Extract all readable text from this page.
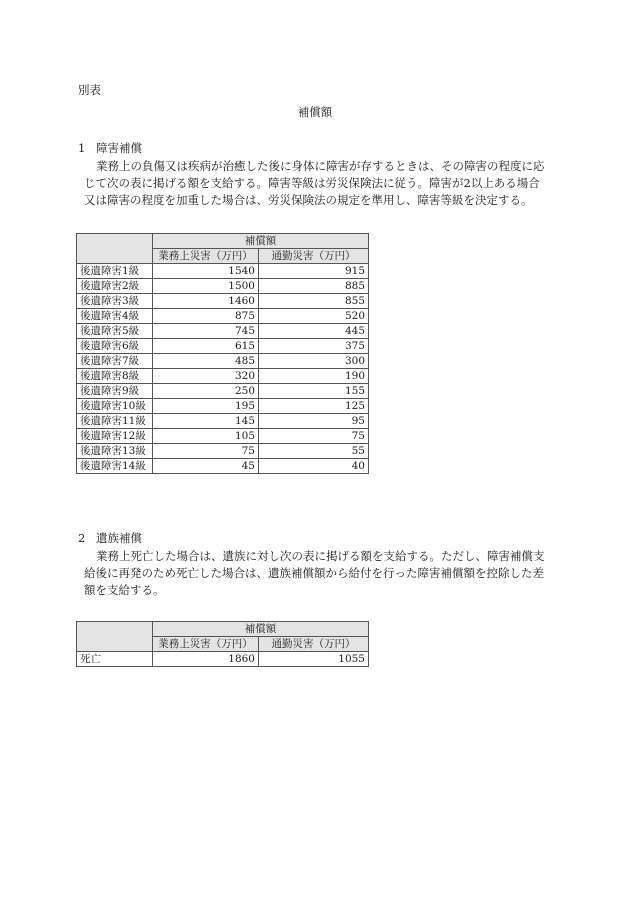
別表
補償額
1 障害補償
業務上の負傷又は疾病が治癒した後に身体に障害が存するときは、その障害の程度に応
じて次の表に掲げる額を支給する。障害等級は労災保険法に従う。障害が2以上ある場合
又は障害の程度を加重した場合は、労災保険法の規定を準用し、障害等級を決定する。
	補償額	
	業務上災害（万円）	通勤災害（万円）
後遺障害1級	1540	915
後遺障害2級	1500	885
後遺障害3級	1460	855
後遺障害4級	875	520
後遺障害5級	745	445
後遺障害6級	615	375
後遺障害7級	485	300
後遺障害8級	320	190
後遺障害9級	250	155
後遺障害10級	195	125
後遺障害11級	145	95
後遺障害12級	105	75
後遺障害13級	75	55
後遺障害14級	45	40
2 遺族補償
業務上死亡した場合は、遺族に対し次の表に掲げる額を支給する。ただし、障害補償支
給後に再発のため死亡した場合は、遺族補償額から給付を行った障害補償額を控除した差
額を支給する。
	補償額	
	業務上災害（万円）	通勤災害（万円）
死亡	1860	1055
